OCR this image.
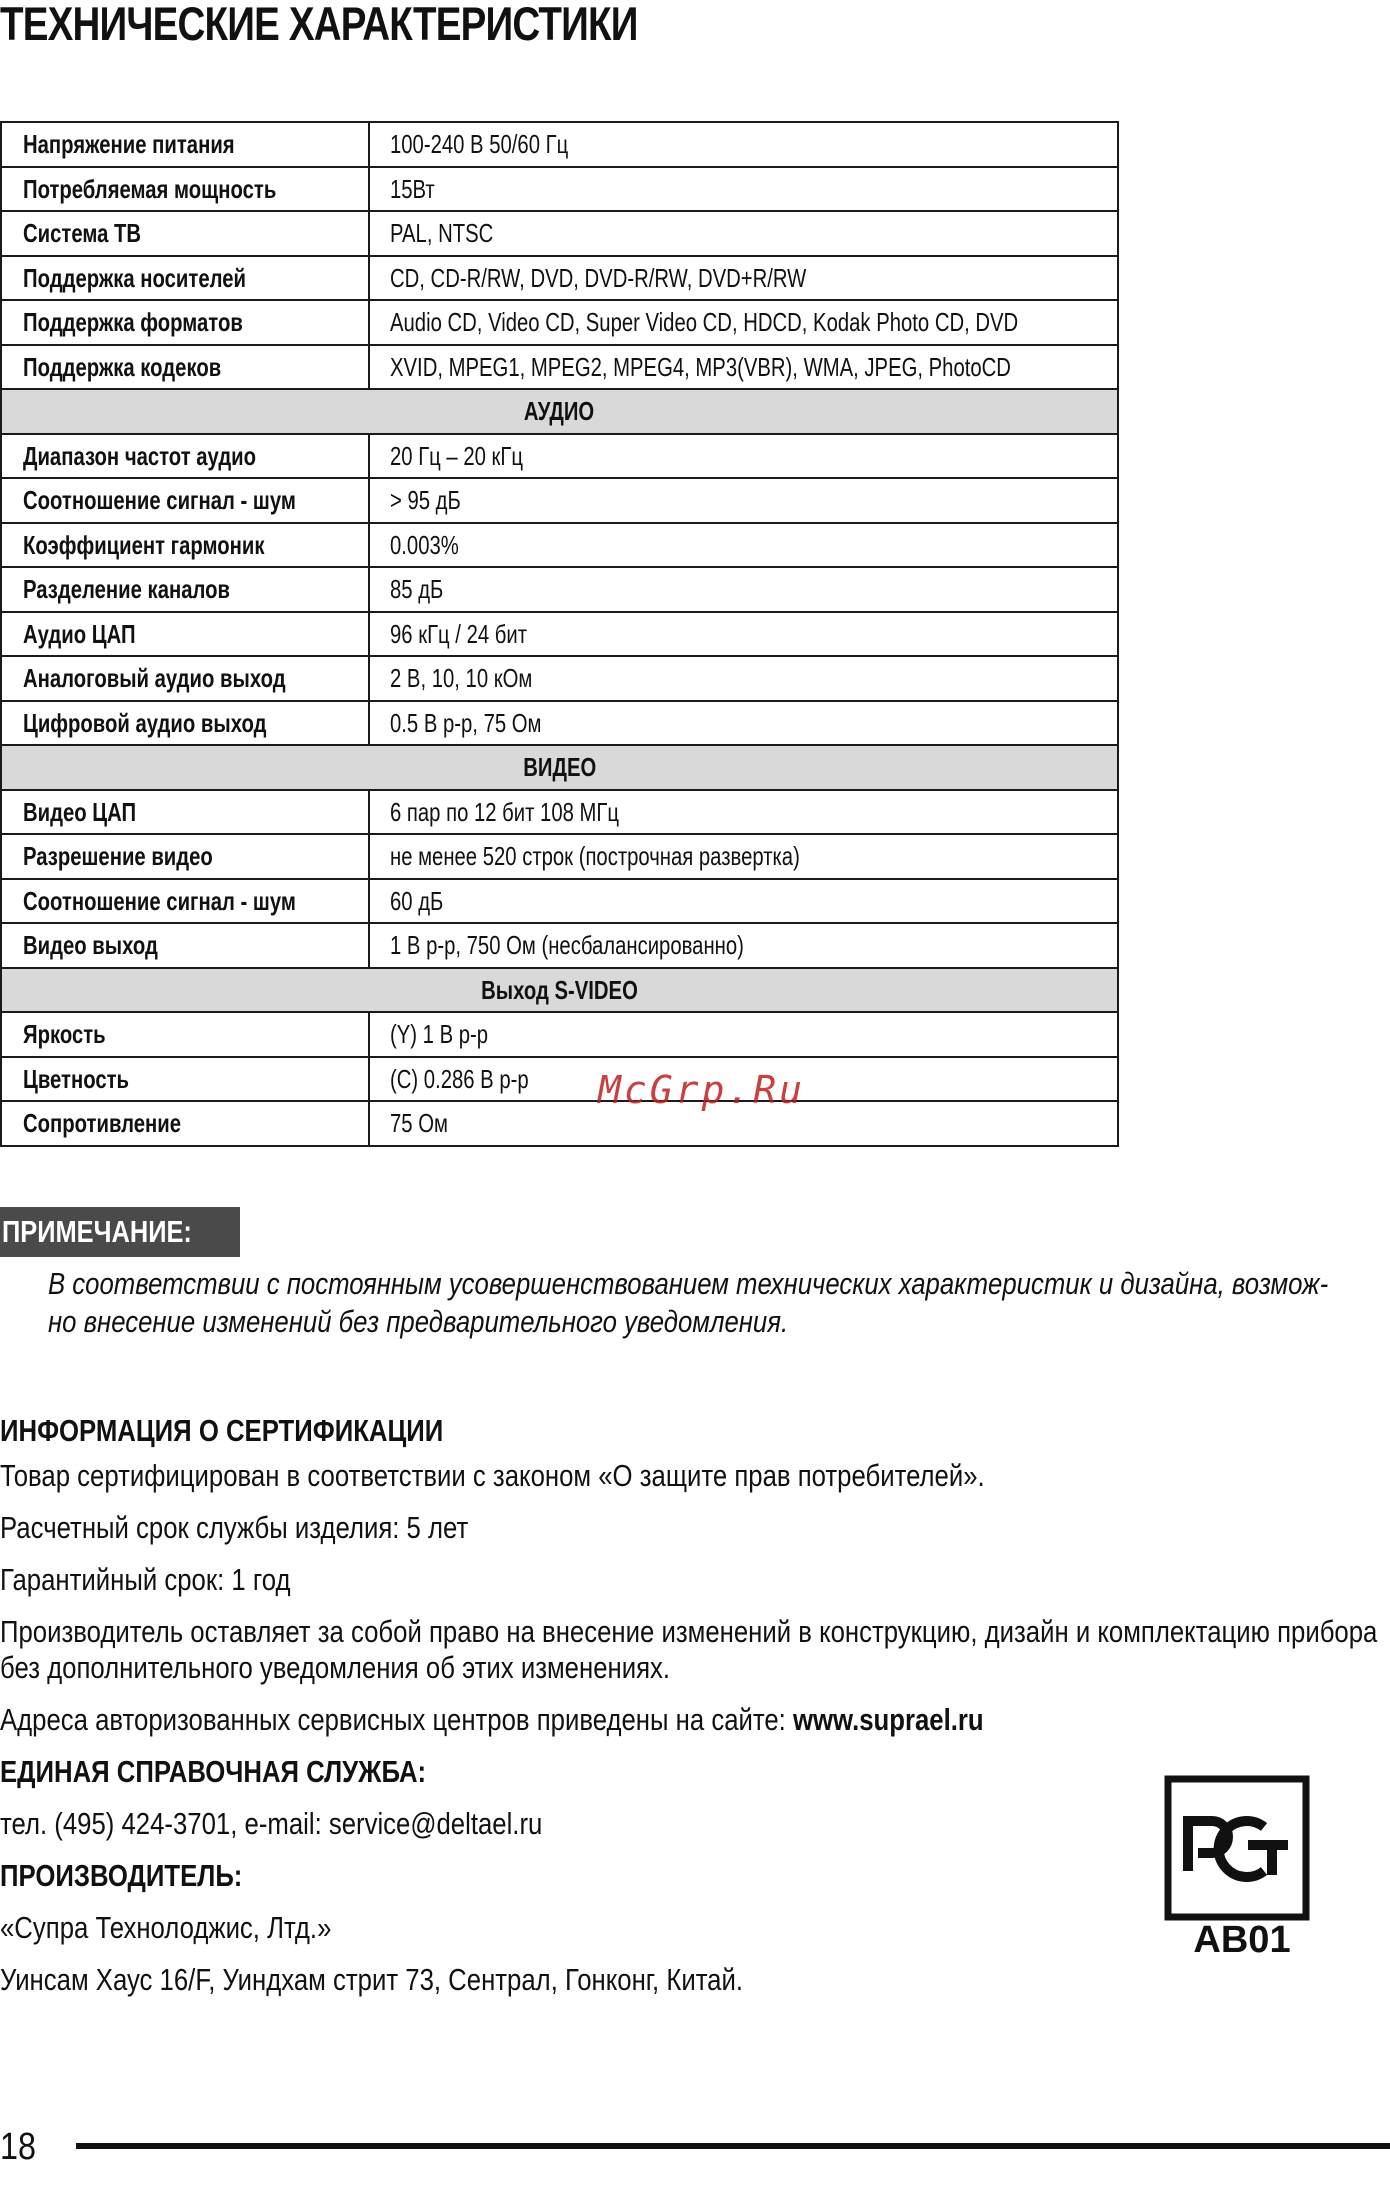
ТЕХНИЧЕСКИЕ ХАРАКТЕРИСТИКИ
Напряжение питания	100-240 В 50/60 Гц
Потребляемая мощность	15Вт
Система ТВ	PAL, NTSC
Поддержка носителей	CD, CD-R/RW, DVD, DVD-R/RW, DVD+R/RW
Поддержка форматов	Audio CD, Video CD, Super Video CD, HDCD, Kodak Photo CD, DVD
Поддержка кодеков	XVID, MPEG1, MPEG2, MPEG4, MP3(VBR), WMA, JPEG, PhotoCD
АУДИО	
Диапазон частот аудио	20 Гц – 20 кГц
Соотношение сигнал - шум	> 95 дБ
Коэффициент гармоник	0.003%
Разделение каналов	85 дБ
Аудио ЦАП	96 кГц / 24 бит
Аналоговый аудио выход	2 В, 10, 10 кОм
Цифровой аудио выход	0.5 В p-p, 75 Ом
ВИДЕО	
Видео ЦАП	6 пар по 12 бит 108 МГц
Разрешение видео	не менее 520 строк (построчная развертка)
Соотношение сигнал - шум	60 дБ
Видео выход	1 В p-p, 750 Ом (несбалансированно)
Выход S-VIDEO	
Яркость	(Y) 1 В p-p
Цветность	(C) 0.286 В p-p
Сопротивление	75 Ом
ПРИМЕЧАНИЕ:
В соответствии с постоянным усовершенствованием технических характеристик и дизайна, возмож-
но внесение изменений без предварительного уведомления.
ИНФОРМАЦИЯ О СЕРТИФИКАЦИИ
Товар сертифицирован в соответствии с законом «О защите прав потребителей».
Расчетный срок службы изделия: 5 лет
Гарантийный срок: 1 год
Производитель оставляет за собой право на внесение изменений в конструкцию, дизайн и комплектацию прибора
без дополнительного уведомления об этих изменениях.
Адреса авторизованных сервисных центров приведены на сайте: www.suprael.ru
ЕДИНАЯ СПРАВОЧНАЯ СЛУЖБА:
тел. (495) 424-3701, e-mail: service@deltael.ru
ПРОИЗВОДИТЕЛЬ:
«Супра Технолоджис, Лтд.»
Уинсам Хаус 16/F, Уиндхам стрит 73, Сентрал, Гонконг, Китай.
АВ01
McGrp.Ru
18
